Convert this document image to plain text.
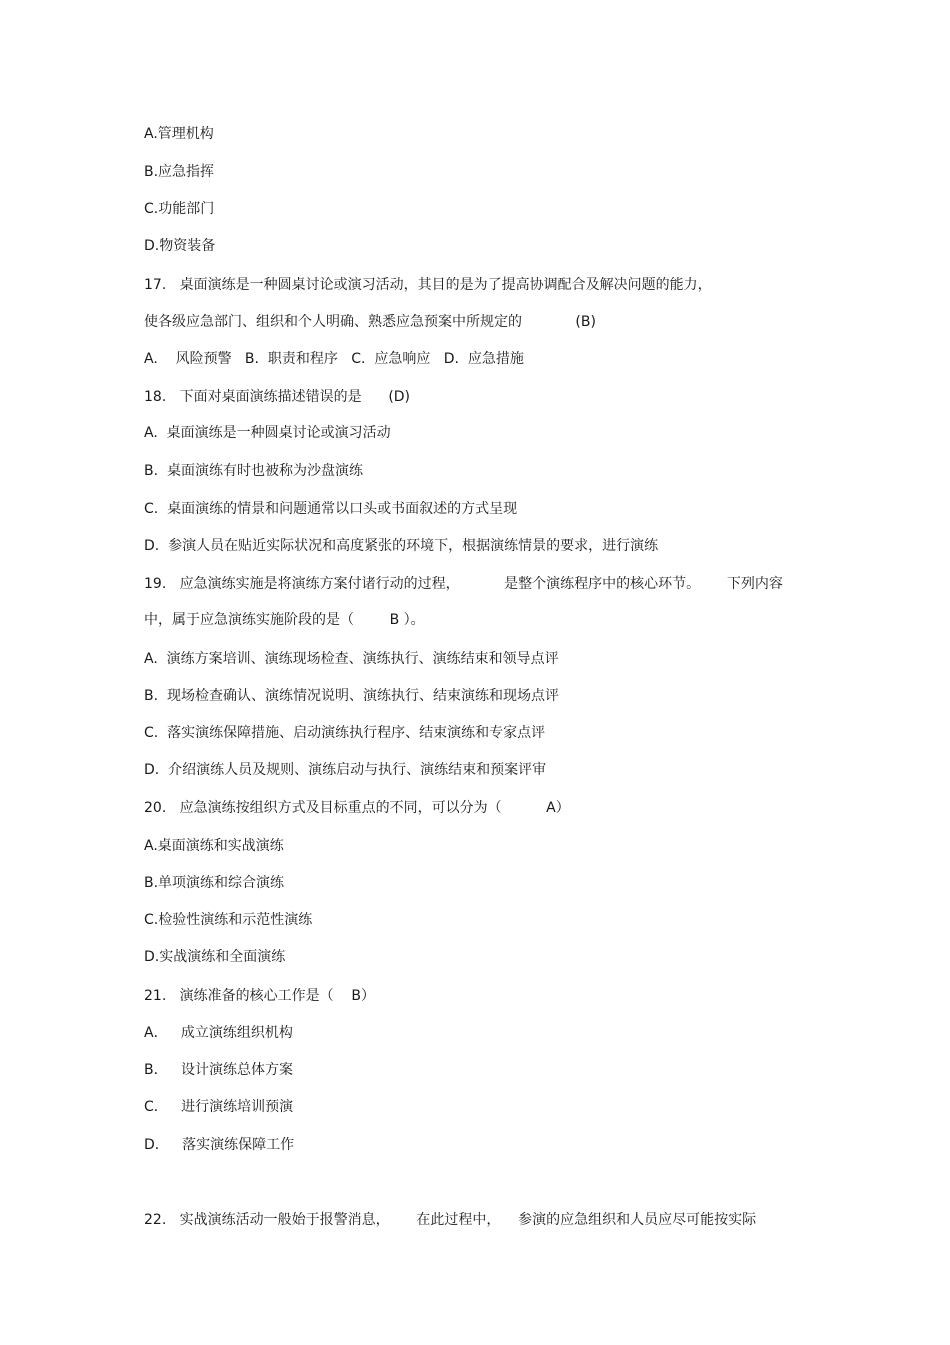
A.管理机构
B.应急指挥
C.功能部门
D.物资装备
17.   桌面演练是一种圆桌讨论或演习活动，其目的是为了提高协调配合及解决问题的能力，
使各级应急部门、组织和个人明确、熟悉应急预案中所规定的            (B)
A.    风险预警   B.  职责和程序   C.  应急响应   D.  应急措施
18.   下面对桌面演练描述错误的是      (D)
A.  桌面演练是一种圆桌讨论或演习活动
B.  桌面演练有时也被称为沙盘演练
C.  桌面演练的情景和问题通常以口头或书面叙述的方式呈现
D.  参演人员在贴近实际状况和高度紧张的环境下，根据演练情景的要求，进行演练
19.   应急演练实施是将演练方案付诸行动的过程，          是整个演练程序中的核心环节。      下列内容
中，属于应急演练实施阶段的是（        B ）。
A.  演练方案培训、演练现场检查、演练执行、演练结束和领导点评
B.  现场检查确认、演练情况说明、演练执行、结束演练和现场点评
C.  落实演练保障措施、启动演练执行程序、结束演练和专家点评
D.  介绍演练人员及规则、演练启动与执行、演练结束和预案评审
20.   应急演练按组织方式及目标重点的不同，可以分为（          A）
A.桌面演练和实战演练
B.单项演练和综合演练
C.检验性演练和示范性演练
D.实战演练和全面演练
21.   演练准备的核心工作是（    B）
A．   成立演练组织机构
B．   设计演练总体方案
C．   进行演练培训预演
D．   落实演练保障工作
22.   实战演练活动一般始于报警消息，      在此过程中，    参演的应急组织和人员应尽可能按实际
